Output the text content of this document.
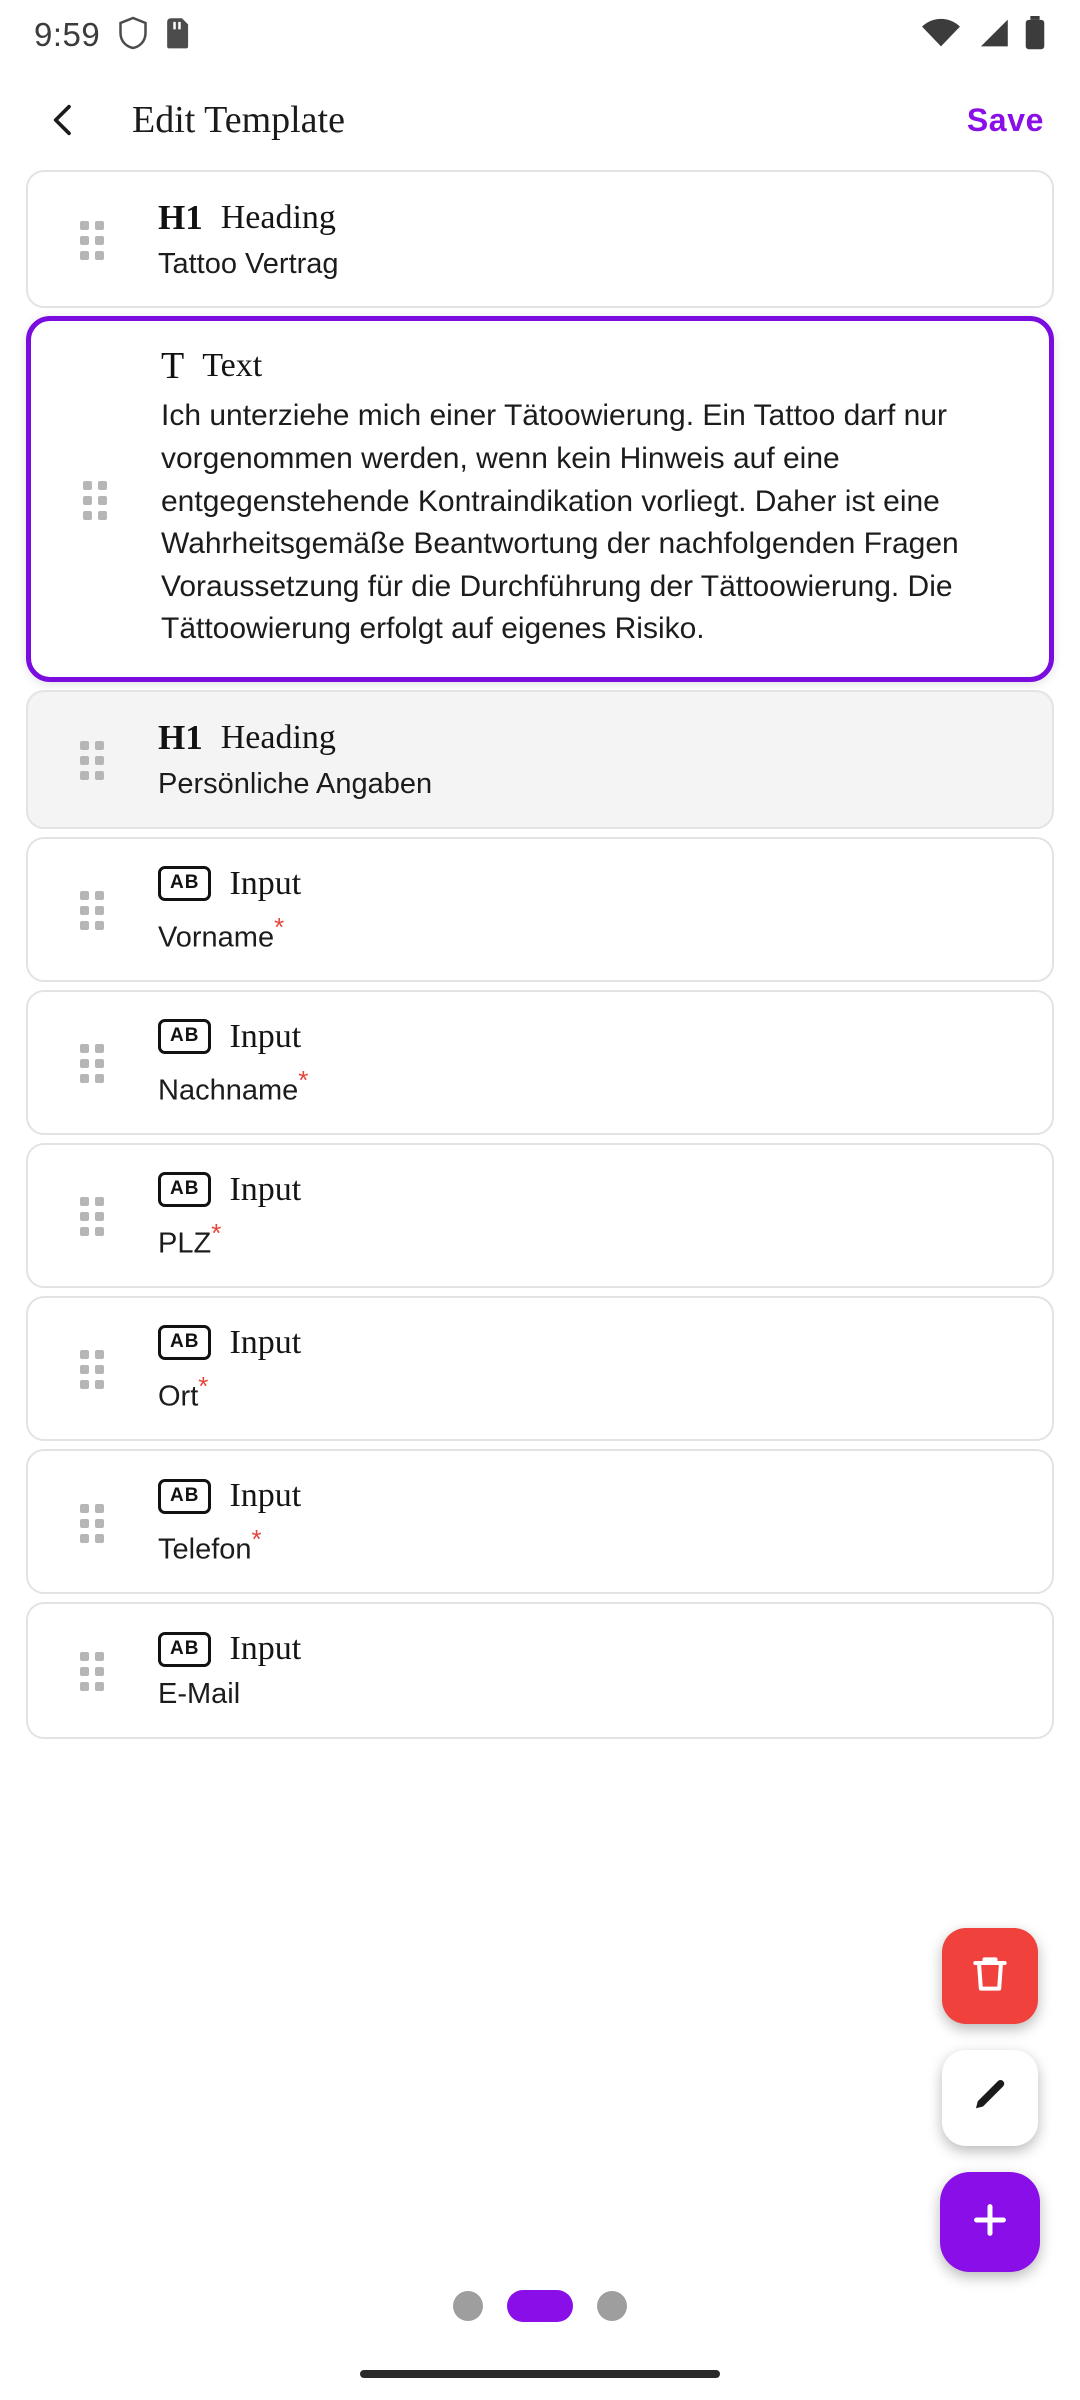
9:59
Edit Template	Save
H1 Heading
Tattoo Vertrag
T Text
Ich unterziehe mich einer Tätoowierung. Ein Tattoo darf nur vorgenommen werden, wenn kein Hinweis auf eine entgegenstehende Kontraindikation vorliegt. Daher ist eine Wahrheitsgemäße Beantwortung der nachfolgenden Fragen Voraussetzung für die Durchführung der Tättoowierung. Die Tättoowierung erfolgt auf eigenes Risiko.
H1 Heading
Persönliche Angaben
AB Input
Vorname*
AB Input
Nachname*
AB Input
PLZ*
AB Input
Ort*
AB Input
Telefon*
AB Input
E-Mail
